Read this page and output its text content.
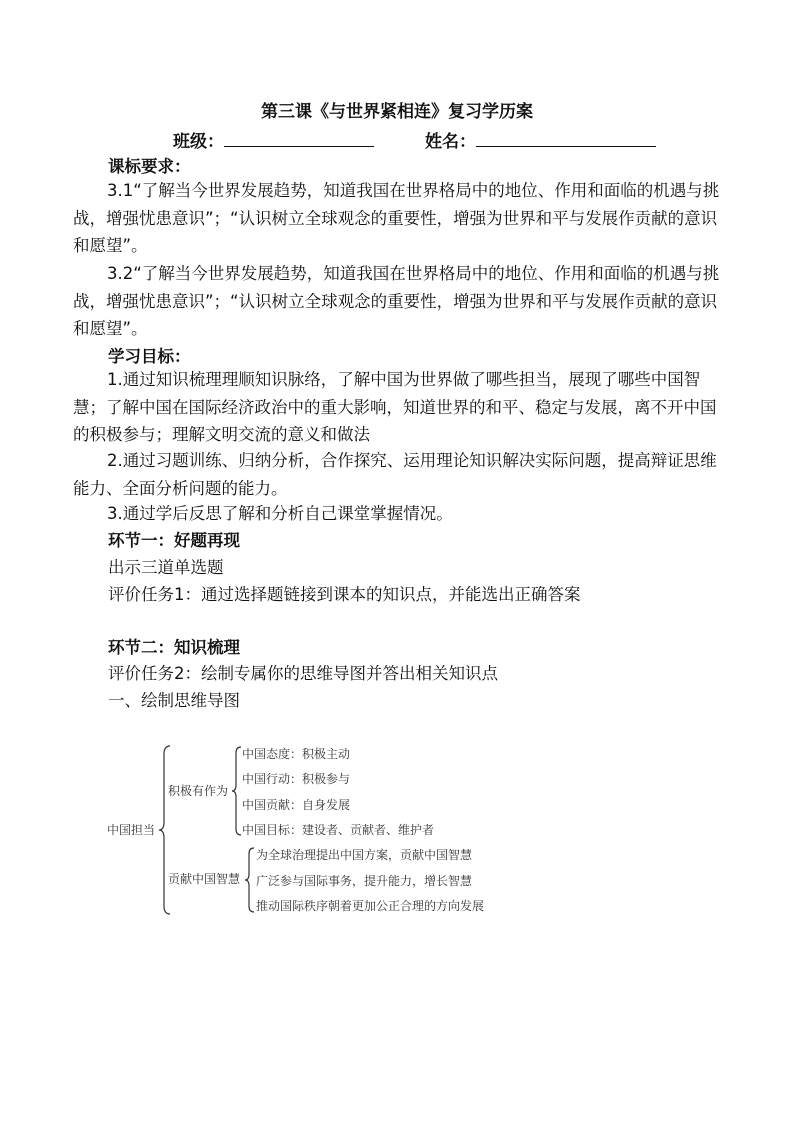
第三课《与世界紧相连》复习学历案
班级：	姓名：
课标要求：
3.1“了解当今世界发展趋势，知道我国在世界格局中的地位、作用和面临的机遇与挑战，增强忧患意识”；“认识树立全球观念的重要性，增强为世界和平与发展作贡献的意识和愿望”。
3.2“了解当今世界发展趋势，知道我国在世界格局中的地位、作用和面临的机遇与挑战，增强忧患意识”；“认识树立全球观念的重要性，增强为世界和平与发展作贡献的意识和愿望”。
学习目标：
1.通过知识梳理理顺知识脉络，了解中国为世界做了哪些担当，展现了哪些中国智慧；了解中国在国际经济政治中的重大影响，知道世界的和平、稳定与发展，离不开中国的积极参与；理解文明交流的意义和做法
2.通过习题训练、归纳分析，合作探究、运用理论知识解决实际问题，提高辩证思维能力、全面分析问题的能力。
3.通过学后反思了解和分析自己课堂掌握情况。
环节一：好题再现
出示三道单选题
评价任务1：通过选择题链接到课本的知识点，并能选出正确答案
环节二：知识梳理
评价任务2：绘制专属你的思维导图并答出相关知识点
一、绘制思维导图
中国担当
积极有作为
中国态度：积极主动
中国行动：积极参与
中国贡献：自身发展
中国目标：建设者、贡献者、维护者
贡献中国智慧
为全球治理提出中国方案，贡献中国智慧
广泛参与国际事务，提升能力，增长智慧
推动国际秩序朝着更加公正合理的方向发展
